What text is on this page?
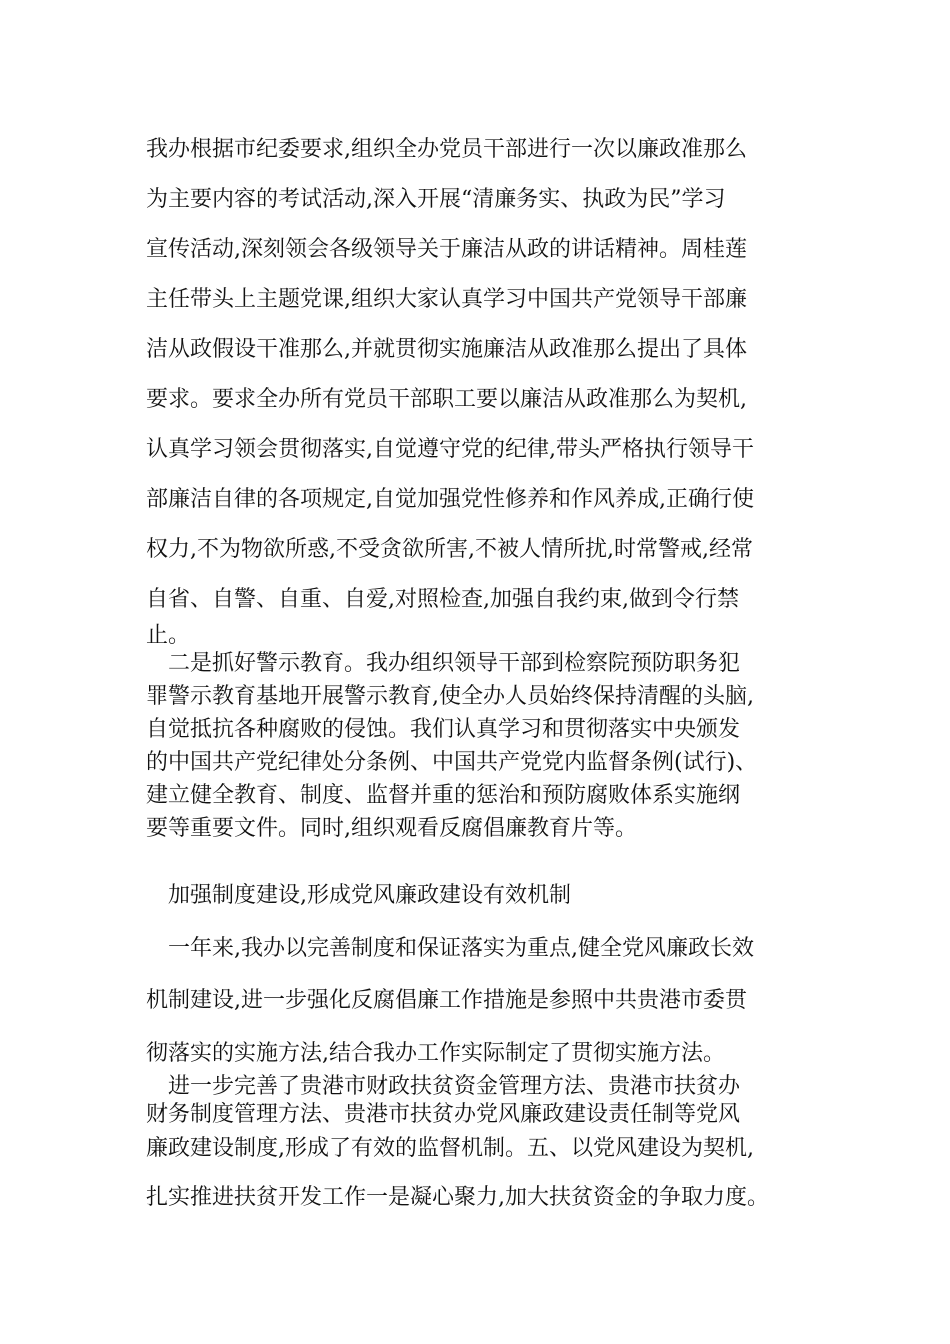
我办根据市纪委要求,组织全办党员干部进行一次以廉政准那么

为主要内容的考试活动,深入开展“清廉务实、执政为民”学习

宣传活动,深刻领会各级领导关于廉洁从政的讲话精神。周桂莲

主任带头上主题党课,组织大家认真学习中国共产党领导干部廉

洁从政假设干准那么,并就贯彻实施廉洁从政准那么提出了具体

要求。要求全办所有党员干部职工要以廉洁从政准那么为契机,

认真学习领会贯彻落实,自觉遵守党的纪律,带头严格执行领导干

部廉洁自律的各项规定,自觉加强党性修养和作风养成,正确行使

权力,不为物欲所惑,不受贪欲所害,不被人情所扰,时常警戒,经常

自省、自警、自重、自爱,对照检查,加强自我约束,做到令行禁

止。

二是抓好警示教育。我办组织领导干部到检察院预防职务犯

罪警示教育基地开展警示教育,使全办人员始终保持清醒的头脑,

自觉抵抗各种腐败的侵蚀。我们认真学习和贯彻落实中央颁发

的中国共产党纪律处分条例、中国共产党党内监督条例(试行)、

建立健全教育、制度、监督并重的惩治和预防腐败体系实施纲

要等重要文件。同时,组织观看反腐倡廉教育片等。

加强制度建设,形成党风廉政建设有效机制

一年来,我办以完善制度和保证落实为重点,健全党风廉政长效

机制建设,进一步强化反腐倡廉工作措施是参照中共贵港市委贯

彻落实的实施方法,结合我办工作实际制定了贯彻实施方法。

进一步完善了贵港市财政扶贫资金管理方法、贵港市扶贫办

财务制度管理方法、贵港市扶贫办党风廉政建设责任制等党风

廉政建设制度,形成了有效的监督机制。五、以党风建设为契机,

扎实推进扶贫开发工作一是凝心聚力,加大扶贫资金的争取力度。
